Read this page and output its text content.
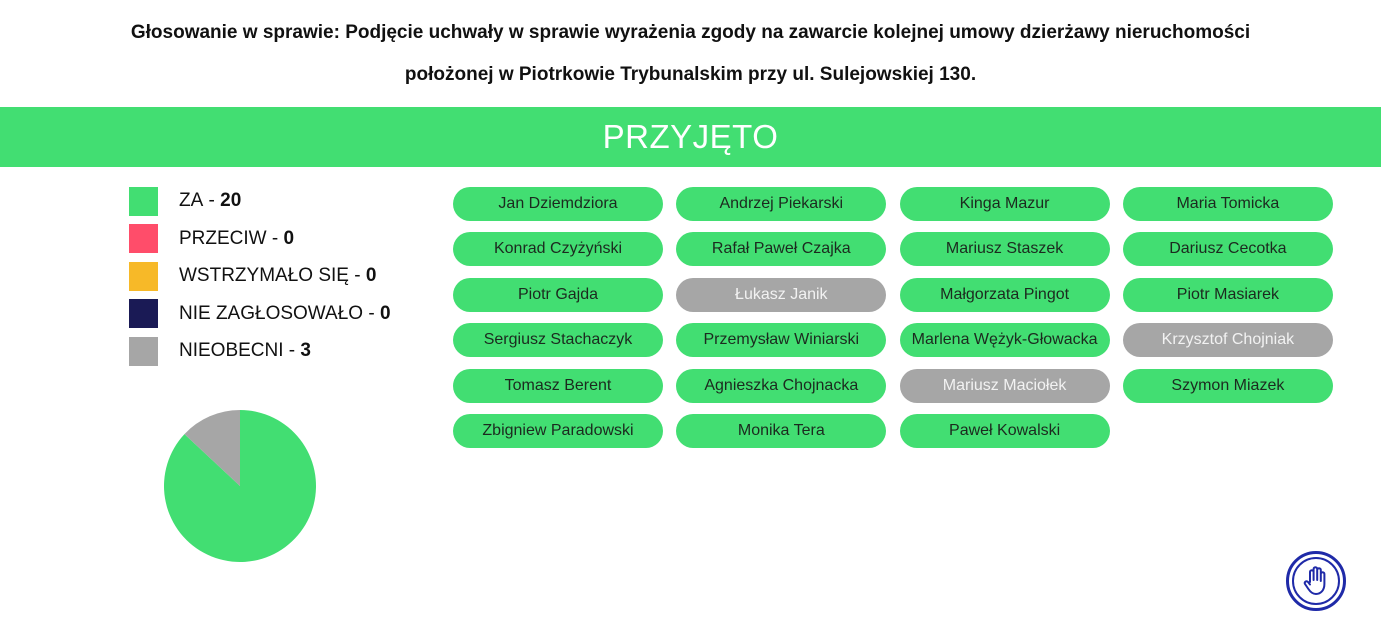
Głosowanie w sprawie: Podjęcie uchwały w sprawie wyrażenia zgody na zawarcie kolejnej umowy dzierżawy nieruchomości
położonej w Piotrkowie Trybunalskim przy ul. Sulejowskiej 130.
PRZYJĘTO
ZA - 20
PRZECIW - 0
WSTRZYMAŁO SIĘ - 0
NIE ZAGŁOSOWAŁO - 0
NIEOBECNI - 3
Jan Dziemdziora	Andrzej Piekarski	Kinga Mazur	Maria Tomicka
Konrad Czyżyński	Rafał Paweł Czajka	Mariusz Staszek	Dariusz Cecotka
Piotr Gajda	Łukasz Janik	Małgorzata Pingot	Piotr Masiarek
Sergiusz Stachaczyk	Przemysław Winiarski	Marlena Wężyk-Głowacka	Krzysztof Chojniak
Tomasz Berent	Agnieszka Chojnacka	Mariusz Maciołek	Szymon Miazek
Zbigniew Paradowski	Monika Tera	Paweł Kowalski
